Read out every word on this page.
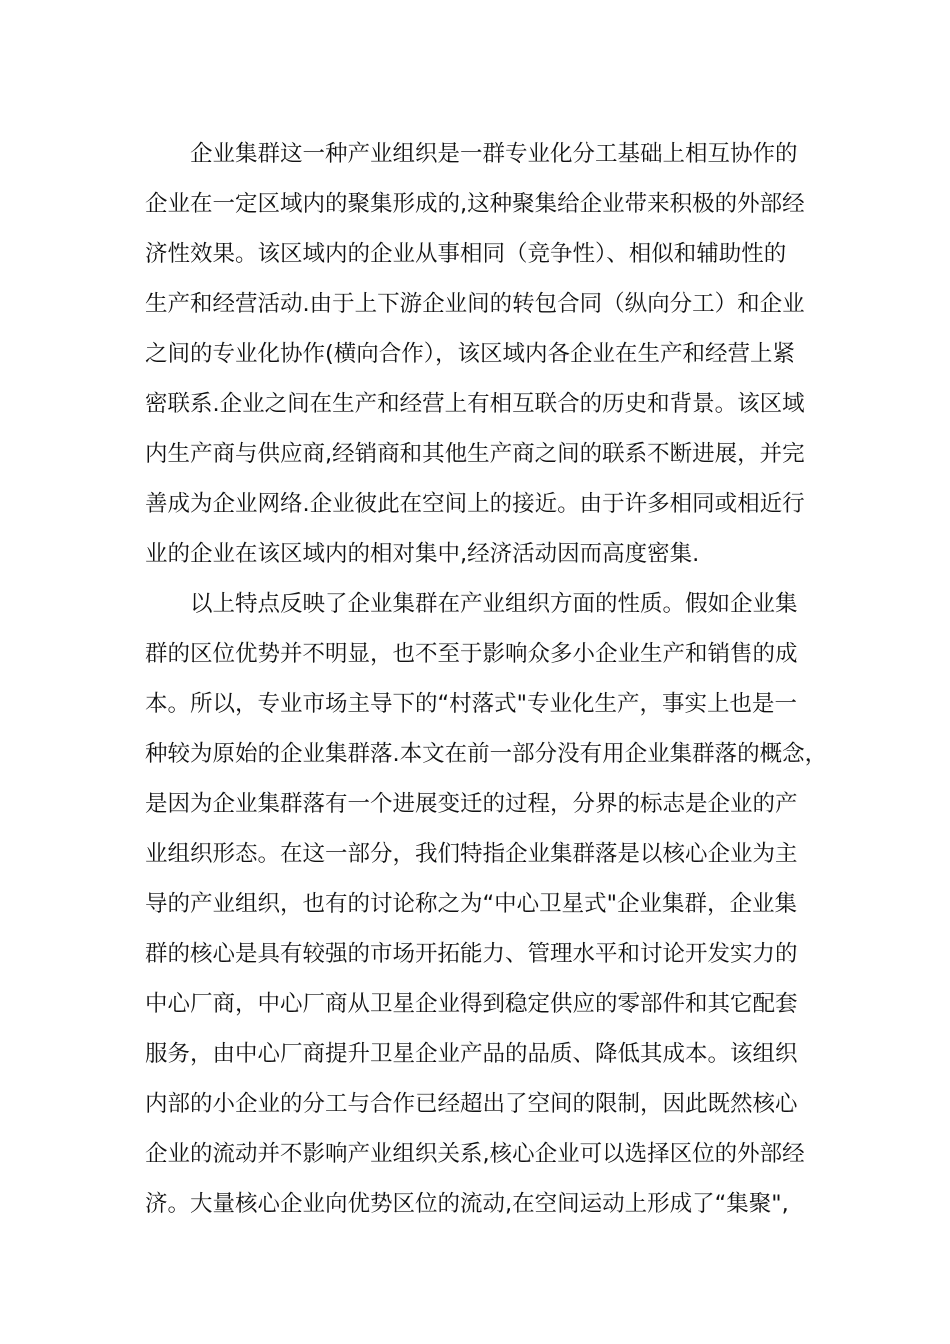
企业集群这一种产业组织是一群专业化分工基础上相互协作的
企业在一定区域内的聚集形成的,这种聚集给企业带来积极的外部经
济性效果。该区域内的企业从事相同（竞争性）、相似和辅助性的
生产和经营活动.由于上下游企业间的转包合同（纵向分工）和企业
之间的专业化协作(横向合作），该区域内各企业在生产和经营上紧
密联系.企业之间在生产和经营上有相互联合的历史和背景。该区域
内生产商与供应商,经销商和其他生产商之间的联系不断进展，并完
善成为企业网络.企业彼此在空间上的接近。由于许多相同或相近行
业的企业在该区域内的相对集中,经济活动因而高度密集.
以上特点反映了企业集群在产业组织方面的性质。假如企业集
群的区位优势并不明显，也不至于影响众多小企业生产和销售的成
本。所以，专业市场主导下的“村落式"专业化生产，事实上也是一
种较为原始的企业集群落.本文在前一部分没有用企业集群落的概念，
是因为企业集群落有一个进展变迁的过程，分界的标志是企业的产
业组织形态。在这一部分，我们特指企业集群落是以核心企业为主
导的产业组织，也有的讨论称之为“中心卫星式"企业集群，企业集
群的核心是具有较强的市场开拓能力、管理水平和讨论开发实力的
中心厂商，中心厂商从卫星企业得到稳定供应的零部件和其它配套
服务，由中心厂商提升卫星企业产品的品质、降低其成本。该组织
内部的小企业的分工与合作已经超出了空间的限制，因此既然核心
企业的流动并不影响产业组织关系,核心企业可以选择区位的外部经
济。大量核心企业向优势区位的流动,在空间运动上形成了“集聚",
